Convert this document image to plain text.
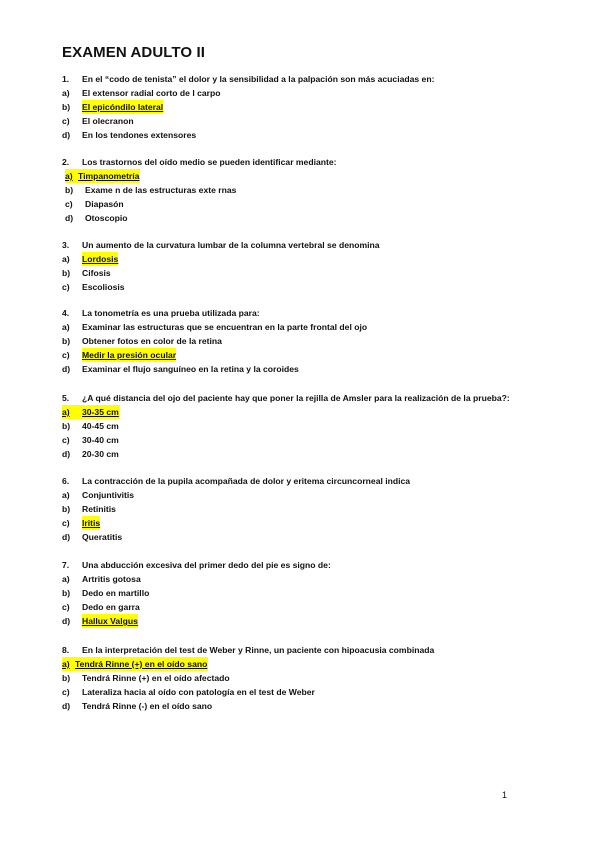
EXAMEN ADULTO II
1.	En el “codo de tenista” el dolor y la sensibilidad a la palpación son más acuciadas en:
a)	El extensor radial corto de l carpo
b)	El epicóndilo lateral
c)	El olecranon
d)	En los tendones extensores
2.	Los trastornos del oído medio se pueden identificar mediante:
a) Timpanometría
b)	Exame n de las estructuras exte rnas
c)	Diapasón
d)	Otoscopio
3.	Un aumento de la curvatura lumbar de la columna vertebral se denomina
a)	Lordosis
b)	Cifosis
c)	Escoliosis
4.	La tonometría es una prueba utilizada para:
a)	Examinar las estructuras que se encuentran en la parte frontal del ojo
b)	Obtener fotos en color de la retina
c)	Medir la presión ocular
d)	Examinar el flujo sanguíneo en la retina y la coroides
5.	¿A qué distancia del ojo del paciente hay que poner la rejilla de Amsler para la realización de la prueba?:
a)	30-35 cm
b)	40-45 cm
c)	30-40 cm
d)	20-30 cm
6.	La contracción de la pupila acompañada de dolor y eritema circuncorneal indica
a)	Conjuntivitis
b)	Retinitis
c)	Iritis
d)	Queratitis
7.	Una abducción excesiva del primer dedo del pie es signo de:
a)	Artritis gotosa
b)	Dedo en martillo
c)	Dedo en garra
d)	Hallux Valgus
8.	En la interpretación del test de Weber y Rinne, un paciente con hipoacusia combinada
a) Tendrá Rinne (+) en el oído sano
b)	Tendrá Rinne (+) en el oído afectado
c)	Lateraliza hacia al oído con patología en el test de Weber
d)	Tendrá Rinne (-) en el oído sano
1
